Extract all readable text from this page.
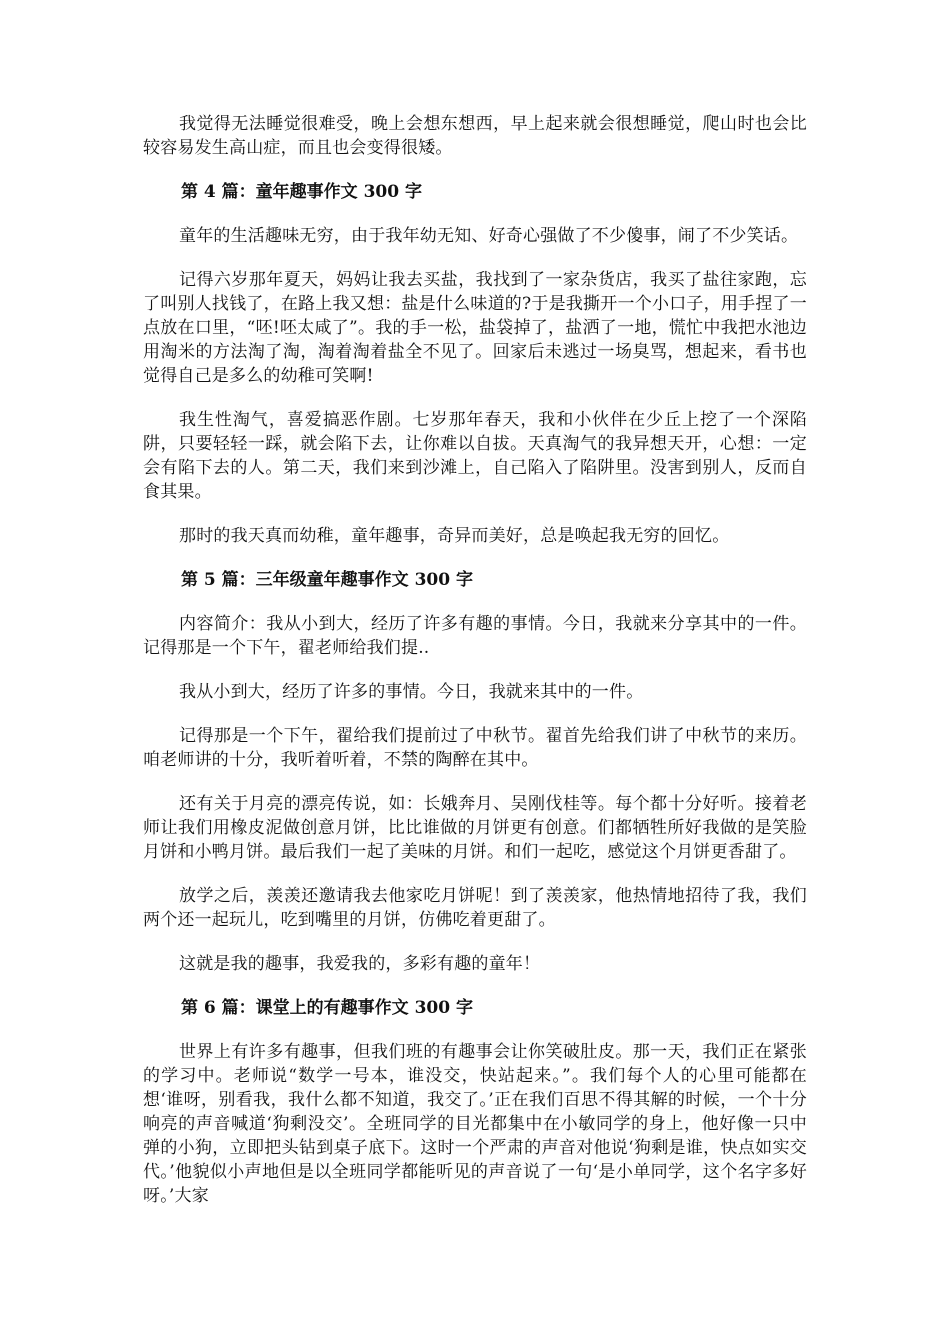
我觉得无法睡觉很难受，晚上会想东想西，早上起来就会很想睡觉，爬山时也会比较容易发生高山症，而且也会变得很矮。

第 4 篇：童年趣事作文 300 字

童年的生活趣味无穷，由于我年幼无知、好奇心强做了不少傻事，闹了不少笑话。

记得六岁那年夏天，妈妈让我去买盐，我找到了一家杂货店，我买了盐往家跑，忘了叫别人找钱了，在路上我又想：盐是什么味道的?于是我撕开一个小口子，用手捏了一点放在口里，“呸!呸太咸了”。我的手一松，盐袋掉了，盐洒了一地，慌忙中我把水池边用淘米的方法淘了淘，淘着淘着盐全不见了。回家后未逃过一场臭骂，想起来，看书也觉得自己是多么的幼稚可笑啊!

我生性淘气，喜爱搞恶作剧。七岁那年春天，我和小伙伴在少丘上挖了一个深陷阱，只要轻轻一踩，就会陷下去，让你难以自拔。天真淘气的我异想天开，心想：一定会有陷下去的人。第二天，我们来到沙滩上，自己陷入了陷阱里。没害到别人，反而自食其果。

那时的我天真而幼稚，童年趣事，奇异而美好，总是唤起我无穷的回忆。

第 5 篇：三年级童年趣事作文 300 字

内容简介：我从小到大，经历了许多有趣的事情。今日，我就来分享其中的一件。记得那是一个下午，翟老师给我们提..

我从小到大，经历了许多的事情。今日，我就来其中的一件。

记得那是一个下午，翟给我们提前过了中秋节。翟首先给我们讲了中秋节的来历。咱老师讲的十分，我听着听着，不禁的陶醉在其中。

还有关于月亮的漂亮传说，如：长娥奔月、吴刚伐桂等。每个都十分好听。接着老师让我们用橡皮泥做创意月饼，比比谁做的月饼更有创意。们都牺牲所好我做的是笑脸月饼和小鸭月饼。最后我们一起了美味的月饼。和们一起吃，感觉这个月饼更香甜了。

放学之后，羡羡还邀请我去他家吃月饼呢！到了羡羡家，他热情地招待了我，我们两个还一起玩儿，吃到嘴里的月饼，仿佛吃着更甜了。

这就是我的趣事，我爱我的，多彩有趣的童年！

第 6 篇：课堂上的有趣事作文 300 字

世界上有许多有趣事，但我们班的有趣事会让你笑破肚皮。那一天，我们正在紧张的学习中。老师说“数学一号本，谁没交，快站起来。”。我们每个人的心里可能都在想‘谁呀，别看我，我什么都不知道，我交了。’正在我们百思不得其解的时候，一个十分响亮的声音喊道‘狗剩没交’。全班同学的目光都集中在小敏同学的身上，他好像一只中弹的小狗，立即把头钻到桌子底下。这时一个严肃的声音对他说‘狗剩是谁，快点如实交代。’他貌似小声地但是以全班同学都能听见的声音说了一句‘是小单同学，这个名字多好呀。’大家
